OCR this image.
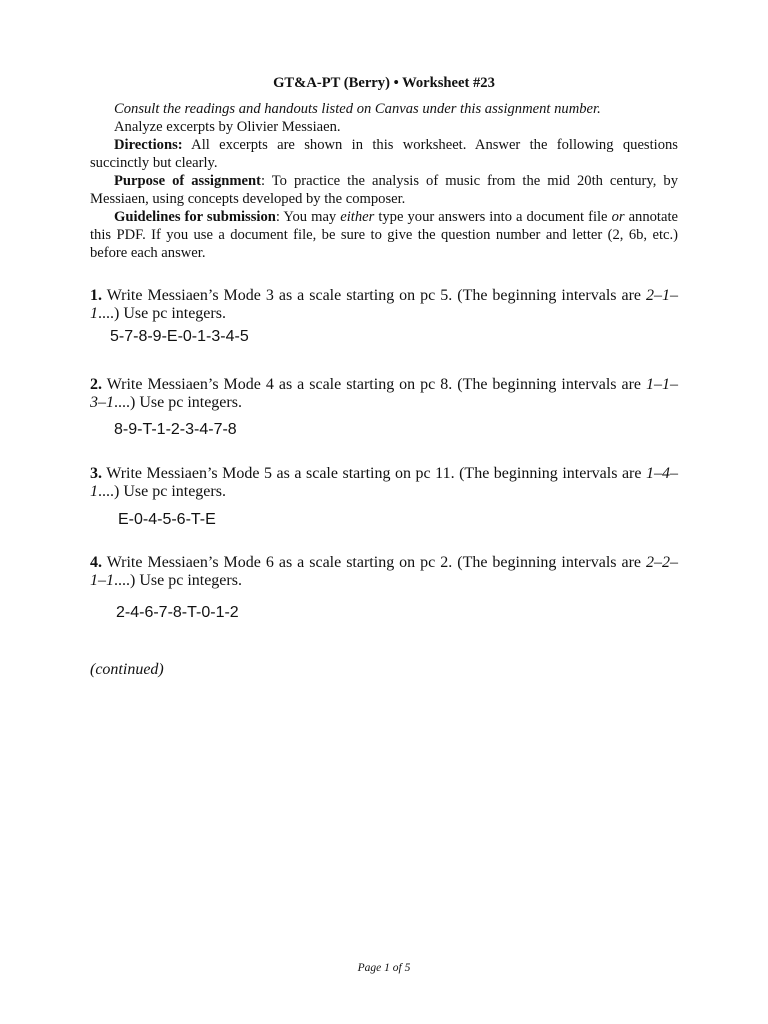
GT&A-PT (Berry) • Worksheet #23

Consult the readings and handouts listed on Canvas under this assignment number.

Analyze excerpts by Olivier Messiaen.

Directions: All excerpts are shown in this worksheet. Answer the following questions succinctly but clearly.

Purpose of assignment: To practice the analysis of music from the mid 20th century, by Messiaen, using concepts developed by the composer.

Guidelines for submission: You may either type your answers into a document file or annotate this PDF. If you use a document file, be sure to give the question number and letter (2, 6b, etc.) before each answer.

1. Write Messiaen’s Mode 3 as a scale starting on pc 5. (The beginning intervals are 2–1–1....) Use pc integers.

5-7-8-9-E-0-1-3-4-5

2. Write Messiaen’s Mode 4 as a scale starting on pc 8. (The beginning intervals are 1–1–3–1....) Use pc integers.

8-9-T-1-2-3-4-7-8

3. Write Messiaen’s Mode 5 as a scale starting on pc 11. (The beginning intervals are 1–4–1....) Use pc integers.

E-0-4-5-6-T-E

4. Write Messiaen’s Mode 6 as a scale starting on pc 2. (The beginning intervals are 2–2–1–1....) Use pc integers.

2-4-6-7-8-T-0-1-2
(continued)
Page 1 of 5
